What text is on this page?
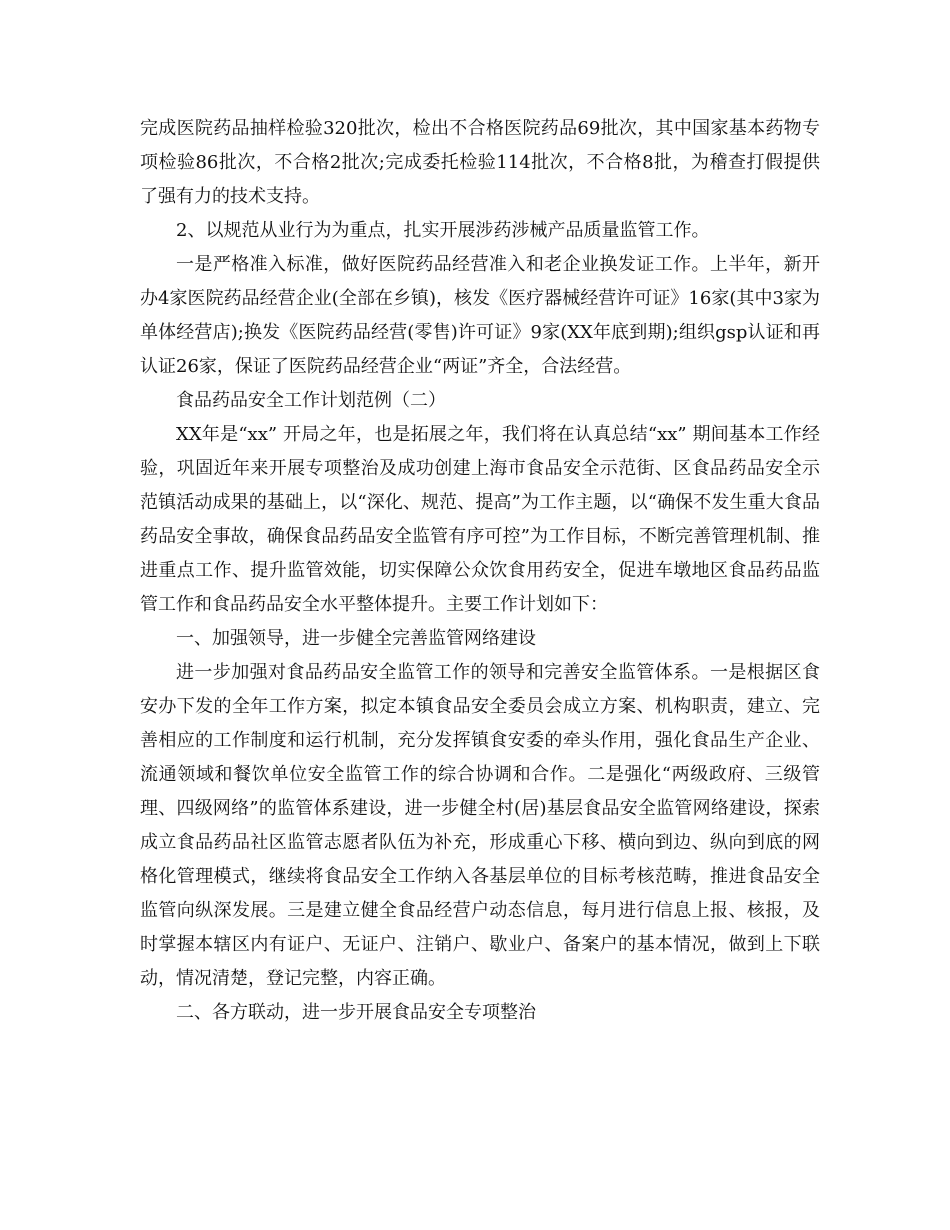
完成医院药品抽样检验320批次，检出不合格医院药品69批次，其中国家基本药物专项检验86批次，不合格2批次;完成委托检验114批次，不合格8批，为稽查打假提供了强有力的技术支持。

2、以规范从业行为为重点，扎实开展涉药涉械产品质量监管工作。

一是严格准入标准，做好医院药品经营准入和老企业换发证工作。上半年，新开办4家医院药品经营企业(全部在乡镇)，核发《医疗器械经营许可证》16家(其中3家为单体经营店);换发《医院药品经营(零售)许可证》9家(XX年底到期);组织gsp认证和再认证26家，保证了医院药品经营企业“两证”齐全，合法经营。

食品药品安全工作计划范例（二）

XX年是“xx” 开局之年，也是拓展之年，我们将在认真总结“xx” 期间基本工作经验，巩固近年来开展专项整治及成功创建上海市食品安全示范街、区食品药品安全示范镇活动成果的基础上，以“深化、规范、提高”为工作主题，以“确保不发生重大食品药品安全事故，确保食品药品安全监管有序可控”为工作目标，不断完善管理机制、推进重点工作、提升监管效能，切实保障公众饮食用药安全，促进车墩地区食品药品监管工作和食品药品安全水平整体提升。主要工作计划如下：

一、加强领导，进一步健全完善监管网络建设

进一步加强对食品药品安全监管工作的领导和完善安全监管体系。一是根据区食安办下发的全年工作方案，拟定本镇食品安全委员会成立方案、机构职责，建立、完善相应的工作制度和运行机制，充分发挥镇食安委的牵头作用，强化食品生产企业、流通领域和餐饮单位安全监管工作的综合协调和合作。二是强化“两级政府、三级管理、四级网络”的监管体系建设，进一步健全村(居)基层食品安全监管网络建设，探索成立食品药品社区监管志愿者队伍为补充，形成重心下移、横向到边、纵向到底的网格化管理模式，继续将食品安全工作纳入各基层单位的目标考核范畴，推进食品安全监管向纵深发展。三是建立健全食品经营户动态信息，每月进行信息上报、核报，及时掌握本辖区内有证户、无证户、注销户、歇业户、备案户的基本情况，做到上下联动，情况清楚，登记完整，内容正确。

二、各方联动，进一步开展食品安全专项整治
